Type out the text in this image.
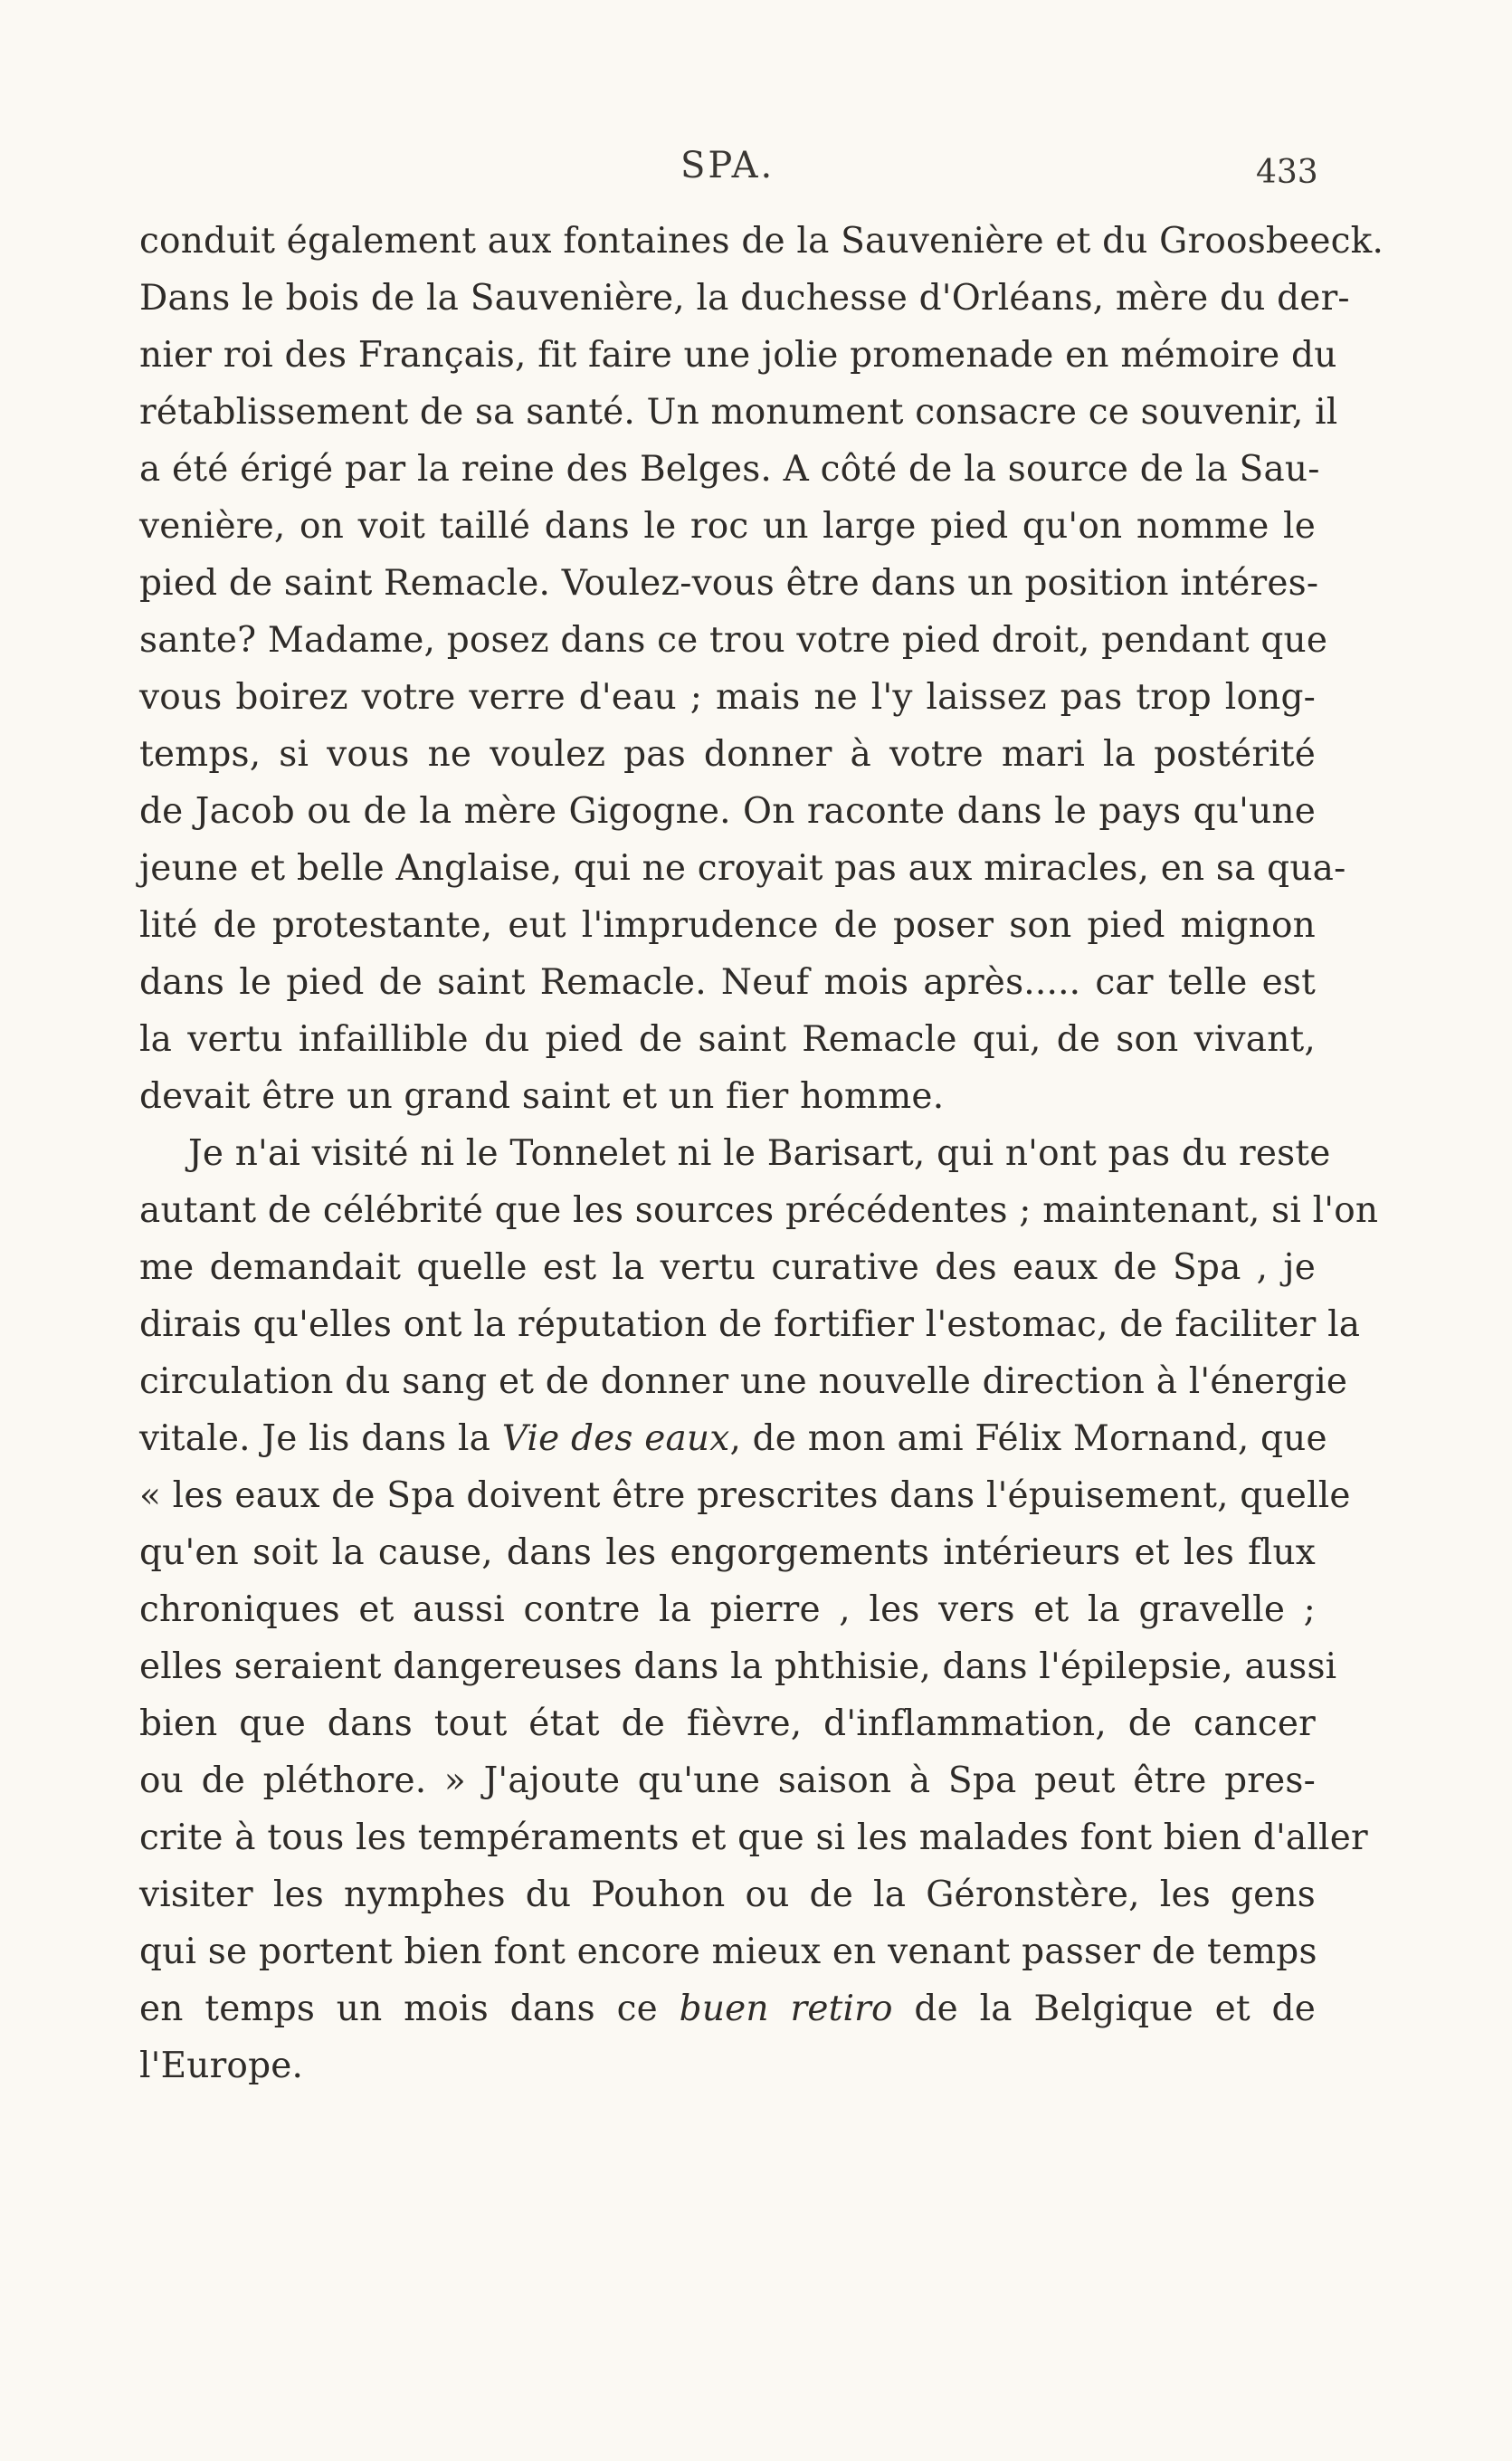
SPA.	433
conduit également aux fontaines de la Sauvenière et du Groosbeeck.
Dans le bois de la Sauvenière, la duchesse d'Orléans, mère du der-
nier roi des Français, fit faire une jolie promenade en mémoire du
rétablissement de sa santé. Un monument consacre ce souvenir, il
a été érigé par la reine des Belges. A côté de la source de la Sau-
venière, on voit taillé dans le roc un large pied qu'on nomme le
pied de saint Remacle. Voulez-vous être dans un position intéres-
sante? Madame, posez dans ce trou votre pied droit, pendant que
vous boirez votre verre d'eau ; mais ne l'y laissez pas trop long-
temps, si vous ne voulez pas donner à votre mari la postérité
de Jacob ou de la mère Gigogne. On raconte dans le pays qu'une
jeune et belle Anglaise, qui ne croyait pas aux miracles, en sa qua-
lité de protestante, eut l'imprudence de poser son pied mignon
dans le pied de saint Remacle. Neuf mois après..... car telle est
la vertu infaillible du pied de saint Remacle qui, de son vivant,
devait être un grand saint et un fier homme.
Je n'ai visité ni le Tonnelet ni le Barisart, qui n'ont pas du reste
autant de célébrité que les sources précédentes ; maintenant, si l'on
me demandait quelle est la vertu curative des eaux de Spa , je
dirais qu'elles ont la réputation de fortifier l'estomac, de faciliter la
circulation du sang et de donner une nouvelle direction à l'énergie
vitale. Je lis dans la Vie des eaux, de mon ami Félix Mornand, que
« les eaux de Spa doivent être prescrites dans l'épuisement, quelle
qu'en soit la cause, dans les engorgements intérieurs et les flux
chroniques et aussi contre la pierre , les vers et la gravelle ;
elles seraient dangereuses dans la phthisie, dans l'épilepsie, aussi
bien que dans tout état de fièvre, d'inflammation, de cancer
ou de pléthore. » J'ajoute qu'une saison à Spa peut être pres-
crite à tous les tempéraments et que si les malades font bien d'aller
visiter les nymphes du Pouhon ou de la Géronstère, les gens
qui se portent bien font encore mieux en venant passer de temps
en temps un mois dans ce buen retiro de la Belgique et de
l'Europe.
